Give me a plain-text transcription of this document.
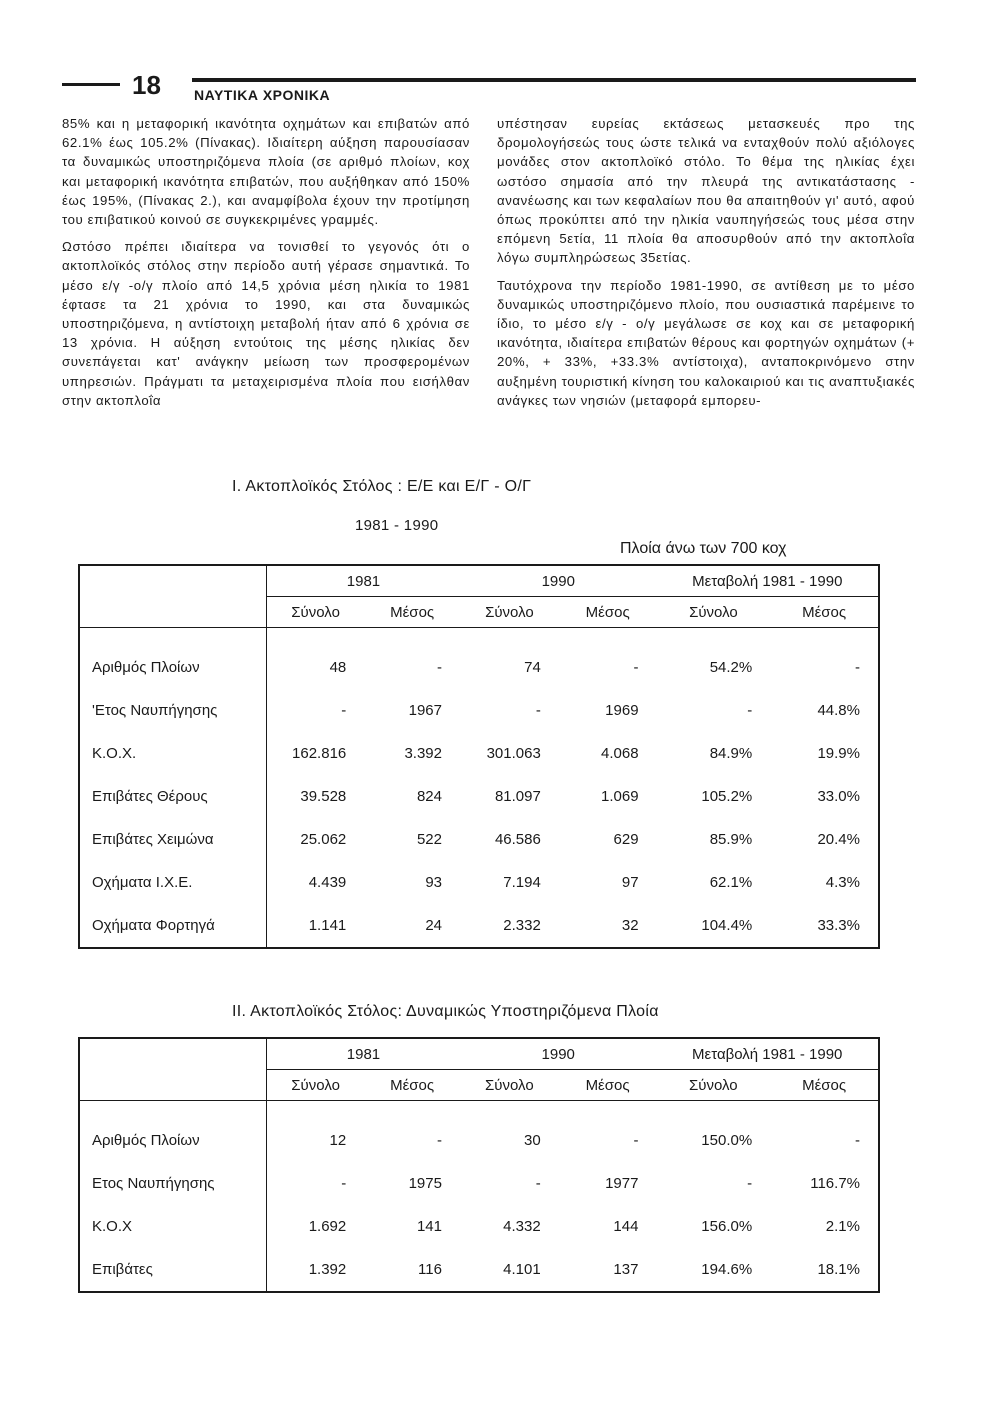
18 ΝΑΥΤΙΚΑ ΧΡΟΝΙΚΑ

85% και η μεταφορική ικανότητα οχημάτων και επιβατών από 62.1% έως 105.2% (Πίνακας). Ιδιαίτερη αύξηση παρουσίασαν τα δυναμικώς υποστηριζόμενα πλοία (σε αριθμό πλοίων, κοχ και μεταφορική ικανότητα επιβατών, που αυξήθηκαν από 150% έως 195%, (Πίνακας 2.), και αναμφίβολα έχουν την προτίμηση του επιβατικού κοινού σε συγκεκριμένες γραμμές.

Ωστόσο πρέπει ιδιαίτερα να τονισθεί το γεγονός ότι ο ακτοπλοϊκός στόλος στην περίοδο αυτή γέρασε σημαντικά. Το μέσο ε/γ -ο/γ πλοίο από 14,5 χρόνια μέση ηλικία το 1981 έφτασε τα 21 χρόνια το 1990, και στα δυναμικώς υποστηριζόμενα, η αντίστοιχη μεταβολή ήταν από 6 χρόνια σε 13 χρόνια. Η αύξηση εντούτοις της μέσης ηλικίας δεν συνεπάγεται κατ' ανάγκην μείωση των προσφερομένων υπηρεσιών. Πράγματι τα μεταχειρισμένα πλοία που εισήλθαν στην ακτοπλοΐα

υπέστησαν ευρείας εκτάσεως μετασκευές προ της δρομολογήσεώς τους ώστε τελικά να ενταχθούν πολύ αξιόλογες μονάδες στον ακτοπλοϊκό στόλο. Το θέμα της ηλικίας έχει ωστόσο σημασία από την πλευρά της αντικατάστασης - ανανέωσης και των κεφαλαίων που θα απαιτηθούν γι' αυτό, αφού όπως προκύπτει από την ηλικία ναυπηγήσεώς τους μέσα στην επόμενη 5ετία, 11 πλοία θα αποσυρθούν από την ακτοπλοΐα λόγω συμπληρώσεως 35ετίας.

Ταυτόχρονα την περίοδο 1981-1990, σε αντίθεση με το μέσο δυναμικώς υποστηριζόμενο πλοίο, που ουσιαστικά παρέμεινε το ίδιο, το μέσο ε/γ - ο/γ μεγάλωσε σε κοχ και σε μεταφορική ικανότητα, ιδιαίτερα επιβατών θέρους και φορτηγών οχημάτων (+ 20%, + 33%, +33.3% αντίστοιχα), ανταποκρινόμενο στην αυξημένη τουριστική κίνηση του καλοκαιριού και τις αναπτυξιακές ανάγκες των νησιών (μεταφορά εμπορευ-

Ι. Ακτοπλοϊκός Στόλος : Ε/Ε και Ε/Γ - Ο/Γ
1981 - 1990
Πλοία άνω των 700 κοχ
	1981		1990		Μεταβολή 1981 - 1990	
	Σύνολο	Μέσος	Σύνολο	Μέσος	Σύνολο	Μέσος
Αριθμός Πλοίων	48	-	74	-	54.2%	-
'Ετος Ναυπήγησης	-	1967	-	1969	-	44.8%
Κ.Ο.Χ.	162.816	3.392	301.063	4.068	84.9%	19.9%
Επιβάτες Θέρους	39.528	824	81.097	1.069	105.2%	33.0%
Επιβάτες Χειμώνα	25.062	522	46.586	629	85.9%	20.4%
Οχήματα Ι.Χ.Ε.	4.439	93	7.194	97	62.1%	4.3%
Οχήματα Φορτηγά	1.141	24	2.332	32	104.4%	33.3%
ΙΙ. Ακτοπλοϊκός Στόλος: Δυναμικώς Υποστηριζόμενα Πλοία
	1981		1990		Μεταβολή 1981 - 1990	
	Σύνολο	Μέσος	Σύνολο	Μέσος	Σύνολο	Μέσος
Αριθμός Πλοίων	12	-	30	-	150.0%	-
Ετος Ναυπήγησης	-	1975	-	1977	-	116.7%
Κ.Ο.Χ	1.692	141	4.332	144	156.0%	2.1%
Επιβάτες	1.392	116	4.101	137	194.6%	18.1%
